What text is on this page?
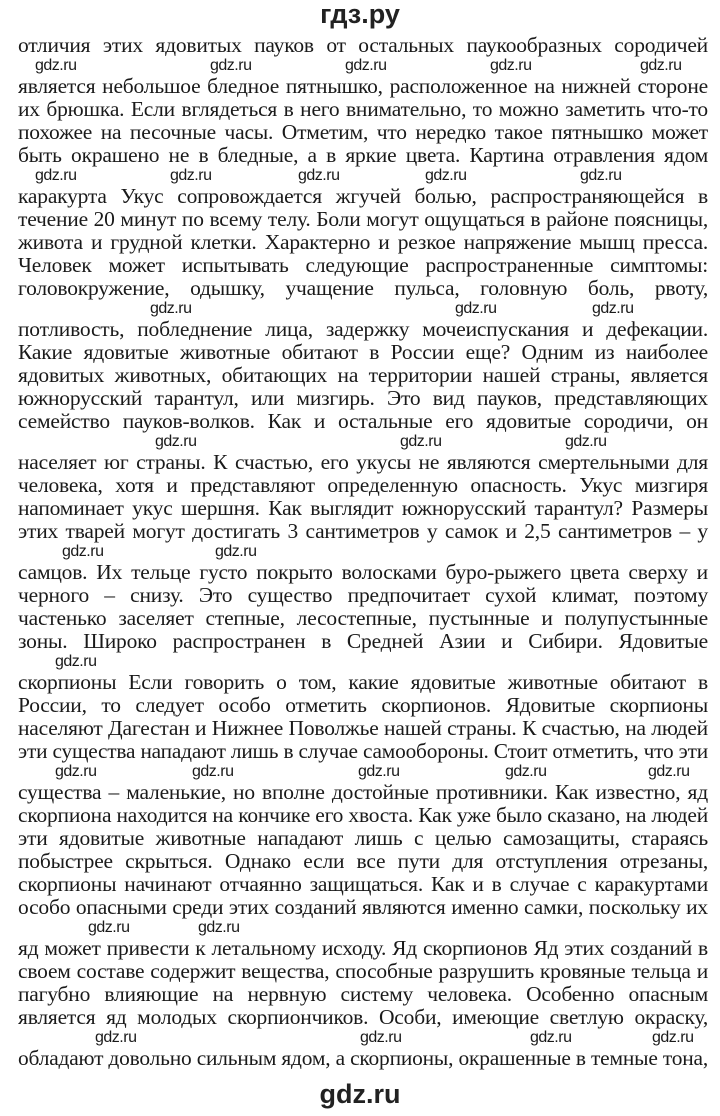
гдз.ру
отличия этих ядовитых пауков от остальных паукообразных сородичей
gdz.ru	gdz.ru	gdz.ru	gdz.ru	gdz.ru
является небольшое бледное пятнышко, расположенное на нижней стороне
их брюшка. Если вглядеться в него внимательно, то можно заметить что-то
похожее на песочные часы. Отметим, что нередко такое пятнышко может
быть окрашено не в бледные, а в яркие цвета. Картина отравления ядом
gdz.ru	gdz.ru	gdz.ru	gdz.ru	gdz.ru
каракурта Укус сопровождается жгучей болью, распространяющейся в
течение 20 минут по всему телу. Боли могут ощущаться в районе поясницы,
живота и грудной клетки. Характерно и резкое напряжение мышц пресса.
Человек может испытывать следующие распространенные симптомы:
головокружение, одышку, учащение пульса, головную боль, рвоту,
gdz.ru	gdz.ru	gdz.ru
потливость, побледнение лица, задержку мочеиспускания и дефекации.
Какие ядовитые животные обитают в России еще? Одним из наиболее
ядовитых животных, обитающих на территории нашей страны, является
южнорусский тарантул, или мизгирь. Это вид пауков, представляющих
семейство пауков-волков. Как и остальные его ядовитые сородичи, он
gdz.ru	gdz.ru	gdz.ru
населяет юг страны. К счастью, его укусы не являются смертельными для
человека, хотя и представляют определенную опасность. Укус мизгиря
напоминает укус шершня. Как выглядит южнорусский тарантул? Размеры
этих тварей могут достигать 3 сантиметров у самок и 2,5 сантиметров – у
gdz.ru	gdz.ru
самцов. Их тельце густо покрыто волосками буро-рыжего цвета сверху и
черного – снизу. Это существо предпочитает сухой климат, поэтому
частенько заселяет степные, лесостепные, пустынные и полупустынные
зоны. Широко распространен в Средней Азии и Сибири. Ядовитые
gdz.ru
скорпионы Если говорить о том, какие ядовитые животные обитают в
России, то следует особо отметить скорпионов. Ядовитые скорпионы
населяют Дагестан и Нижнее Поволжье нашей страны. К счастью, на людей
эти существа нападают лишь в случае самообороны. Стоит отметить, что эти
gdz.ru	gdz.ru	gdz.ru	gdz.ru	gdz.ru
существа – маленькие, но вполне достойные противники. Как известно, яд
скорпиона находится на кончике его хвоста. Как уже было сказано, на людей
эти ядовитые животные нападают лишь с целью самозащиты, стараясь
побыстрее скрыться. Однако если все пути для отступления отрезаны,
скорпионы начинают отчаянно защищаться. Как и в случае с каракуртами
особо опасными среди этих созданий являются именно самки, поскольку их
gdz.ru	gdz.ru
яд может привести к летальному исходу. Яд скорпионов Яд этих созданий в
своем составе содержит вещества, способные разрушить кровяные тельца и
пагубно влияющие на нервную систему человека. Особенно опасным
является яд молодых скорпиончиков. Особи, имеющие светлую окраску,
gdz.ru	gdz.ru	gdz.ru	gdz.ru
обладают довольно сильным ядом, а скорпионы, окрашенные в темные тона,
gdz.ru
